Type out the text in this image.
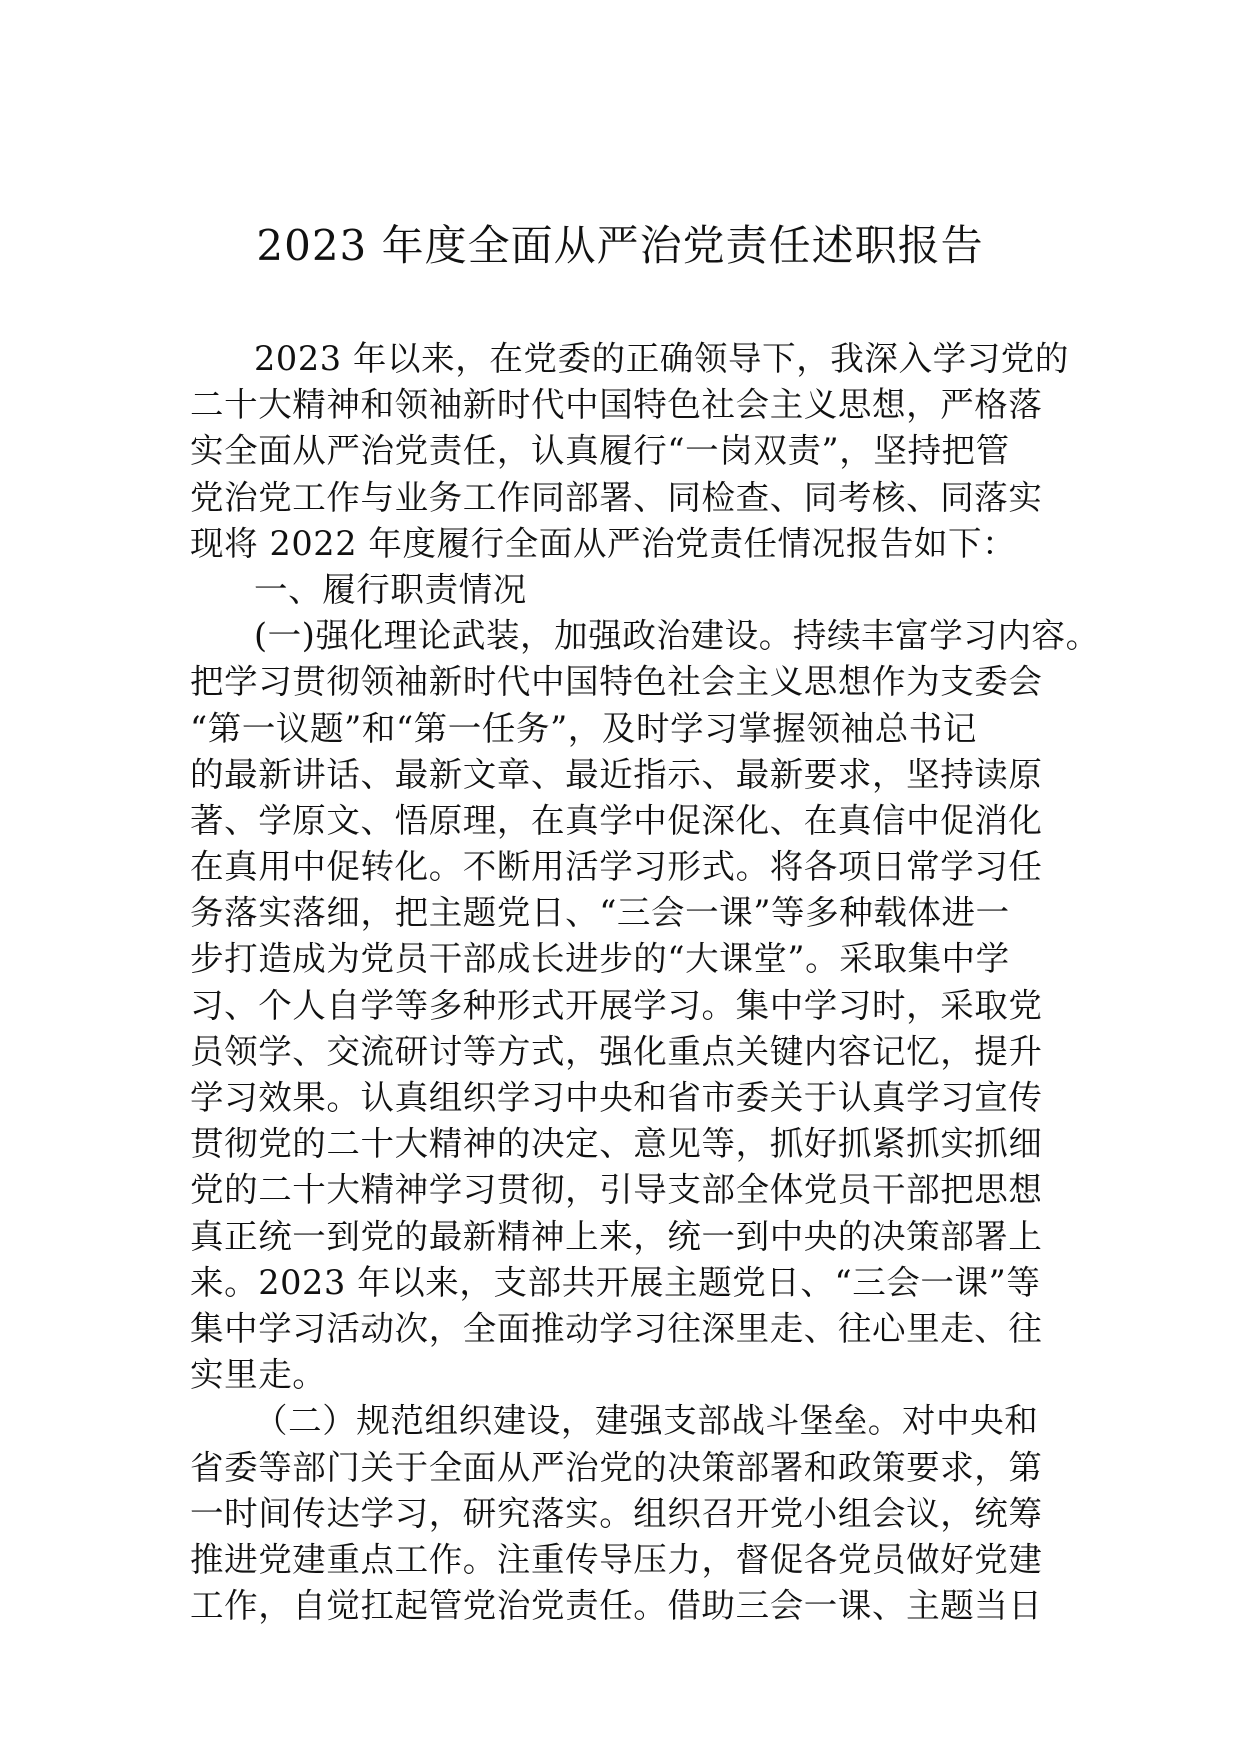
2023 年度全面从严治党责任述职报告
2023 年以来，在党委的正确领导下，我深入学习党的
二十大精神和领袖新时代中国特色社会主义思想，严格落
实全面从严治党责任，认真履行“一岗双责”，坚持把管
党治党工作与业务工作同部署、同检查、同考核、同落实
现将 2022 年度履行全面从严治党责任情况报告如下：
一、履行职责情况
(一)强化理论武装，加强政治建设。持续丰富学习内容。
把学习贯彻领袖新时代中国特色社会主义思想作为支委会
“第一议题”和“第一任务”，及时学习掌握领袖总书记
的最新讲话、最新文章、最近指示、最新要求，坚持读原
著、学原文、悟原理，在真学中促深化、在真信中促消化
在真用中促转化。不断用活学习形式。将各项日常学习任
务落实落细，把主题党日、“三会一课”等多种载体进一
步打造成为党员干部成长进步的“大课堂”。采取集中学
习、个人自学等多种形式开展学习。集中学习时，采取党
员领学、交流研讨等方式，强化重点关键内容记忆，提升
学习效果。认真组织学习中央和省市委关于认真学习宣传
贯彻党的二十大精神的决定、意见等，抓好抓紧抓实抓细
党的二十大精神学习贯彻，引导支部全体党员干部把思想
真正统一到党的最新精神上来，统一到中央的决策部署上
来。2023 年以来，支部共开展主题党日、“三会一课”等
集中学习活动次，全面推动学习往深里走、往心里走、往
实里走。
（二）规范组织建设，建强支部战斗堡垒。对中央和
省委等部门关于全面从严治党的决策部署和政策要求，第
一时间传达学习，研究落实。组织召开党小组会议，统筹
推进党建重点工作。注重传导压力，督促各党员做好党建
工作，自觉扛起管党治党责任。借助三会一课、主题当日
